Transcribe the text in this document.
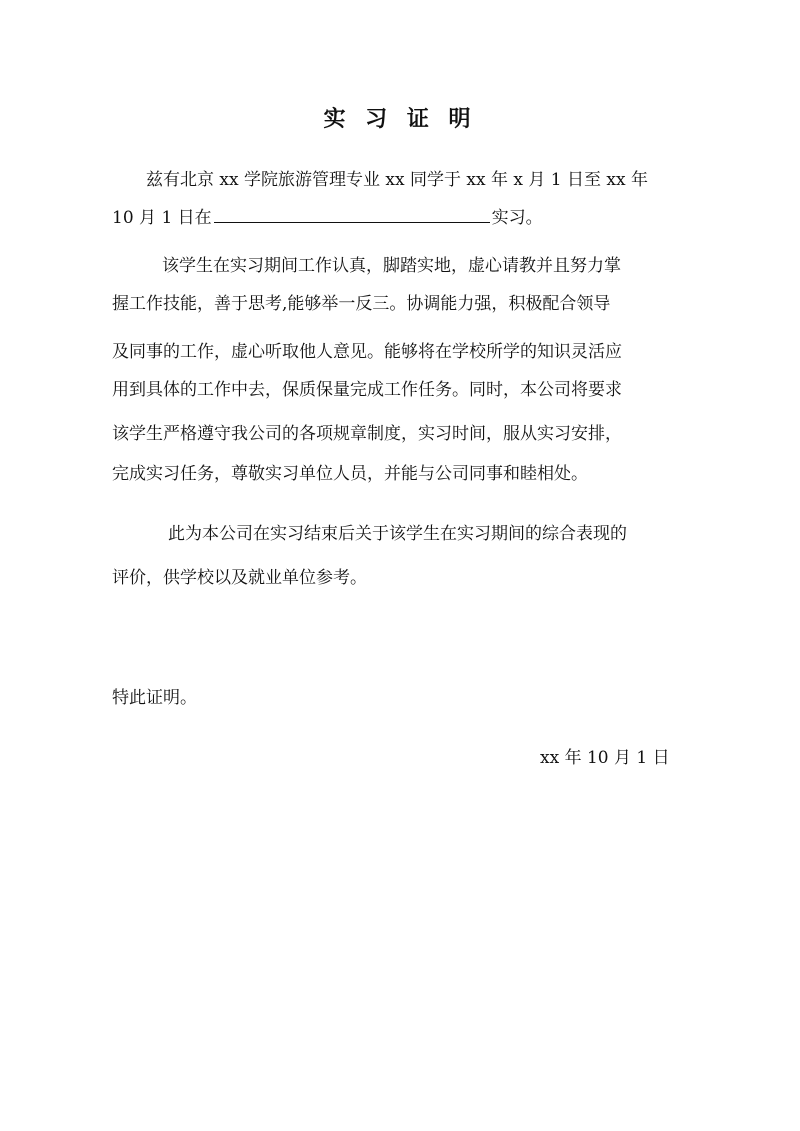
实 习 证 明
兹有北京 xx 学院旅游管理专业 xx 同学于 xx 年 x 月 1 日至 xx 年
10 月 1 日在	实习。
该学生在实习期间工作认真，脚踏实地，虚心请教并且努力掌
握工作技能，善于思考,能够举一反三。协调能力强，积极配合领导
及同事的工作，虚心听取他人意见。能够将在学校所学的知识灵活应
用到具体的工作中去，保质保量完成工作任务。同时，本公司将要求
该学生严格遵守我公司的各项规章制度，实习时间，服从实习安排，
完成实习任务，尊敬实习单位人员，并能与公司同事和睦相处。
此为本公司在实习结束后关于该学生在实习期间的综合表现的
评价，供学校以及就业单位参考。
特此证明。
xx 年 10 月 1 日
